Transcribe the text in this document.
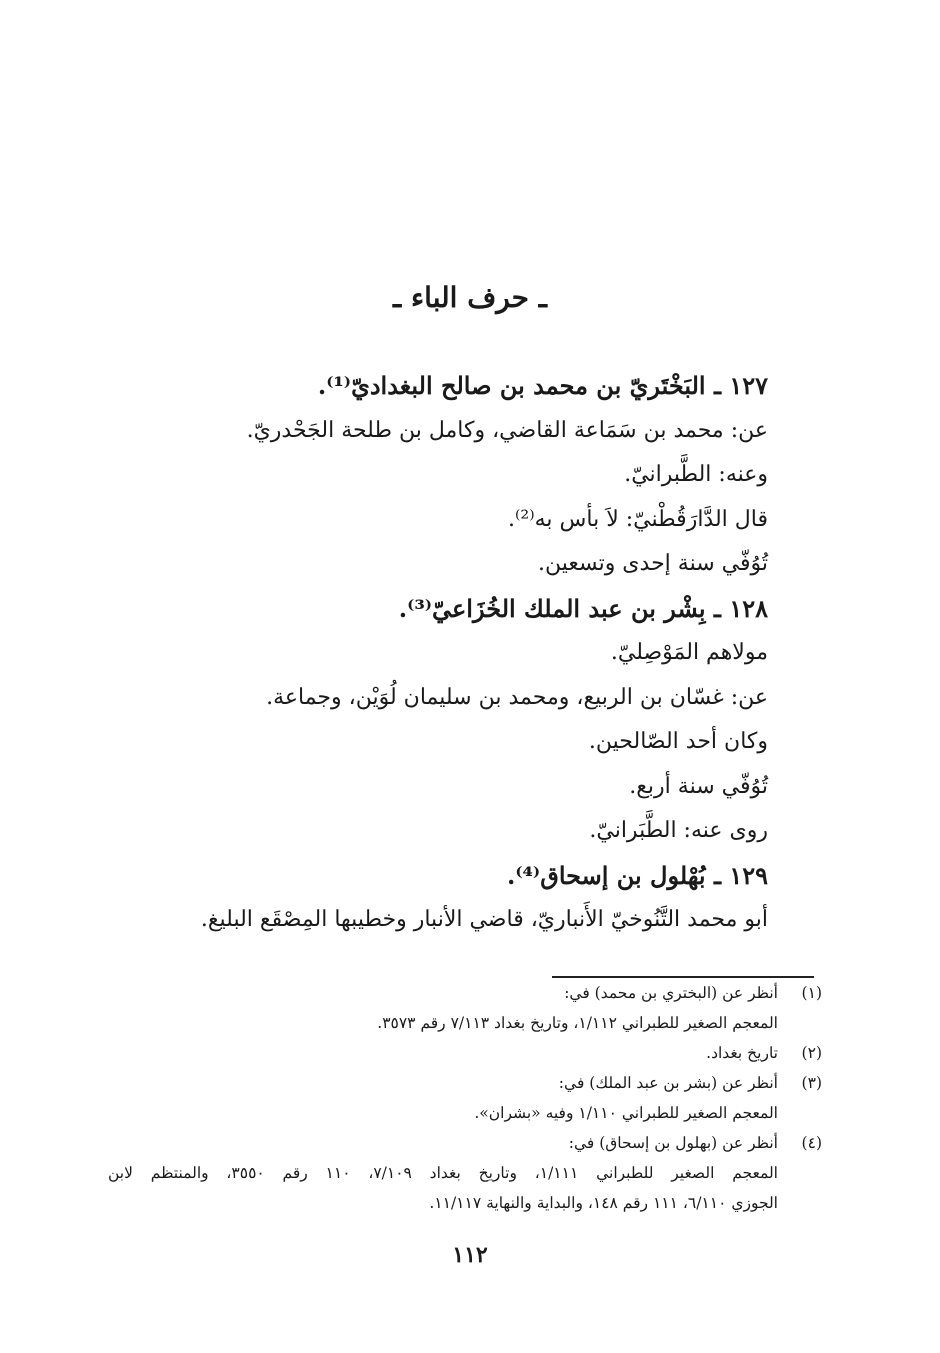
ـ حرف الباء ـ
١٢٧ ـ البَخْتَريّ بن محمد بن صالح البغداديّ⁽¹⁾.
عن: محمد بن سَمَاعة القاضي، وكامل بن طلحة الجَحْدريّ.
وعنه: الطَّبرانيّ.
قال الدَّارَقُطْنيّ: لاَ بأس به⁽²⁾.
تُوُفّي سنة إحدى وتسعين.
١٢٨ ـ بِشْر بن عبد الملك الخُزَاعيّ⁽³⁾.
مولاهم المَوْصِليّ.
عن: غسّان بن الربيع، ومحمد بن سليمان لُوَيْن، وجماعة.
وكان أحد الصّالحين.
تُوُفّي سنة أربع.
روى عنه: الطَّبَرانيّ.
١٢٩ ـ بُهْلول بن إسحاق⁽⁴⁾.
أبو محمد التَّنُوخيّ الأَنباريّ، قاضي الأنبار وخطيبها المِصْقَع البليغ.
(١)
أنظر عن (البختري بن محمد) في:
المعجم الصغير للطبراني ١/١١٢، وتاريخ بغداد ٧/١١٣ رقم ٣٥٧٣.
(٢)
تاريخ بغداد.
(٣)
أنظر عن (بشر بن عبد الملك) في:
المعجم الصغير للطبراني ١/١١٠ وفيه «بشران».
(٤)
أنظر عن (بهلول بن إسحاق) في:
المعجم الصغير للطبراني ١/١١١، وتاريخ بغداد ٧/١٠٩، ١١٠ رقم ٣٥٥٠، والمنتظم لابن
الجوزي ٦/١١٠، ١١١ رقم ١٤٨، والبداية والنهاية ١١/١١٧.
١١٢
